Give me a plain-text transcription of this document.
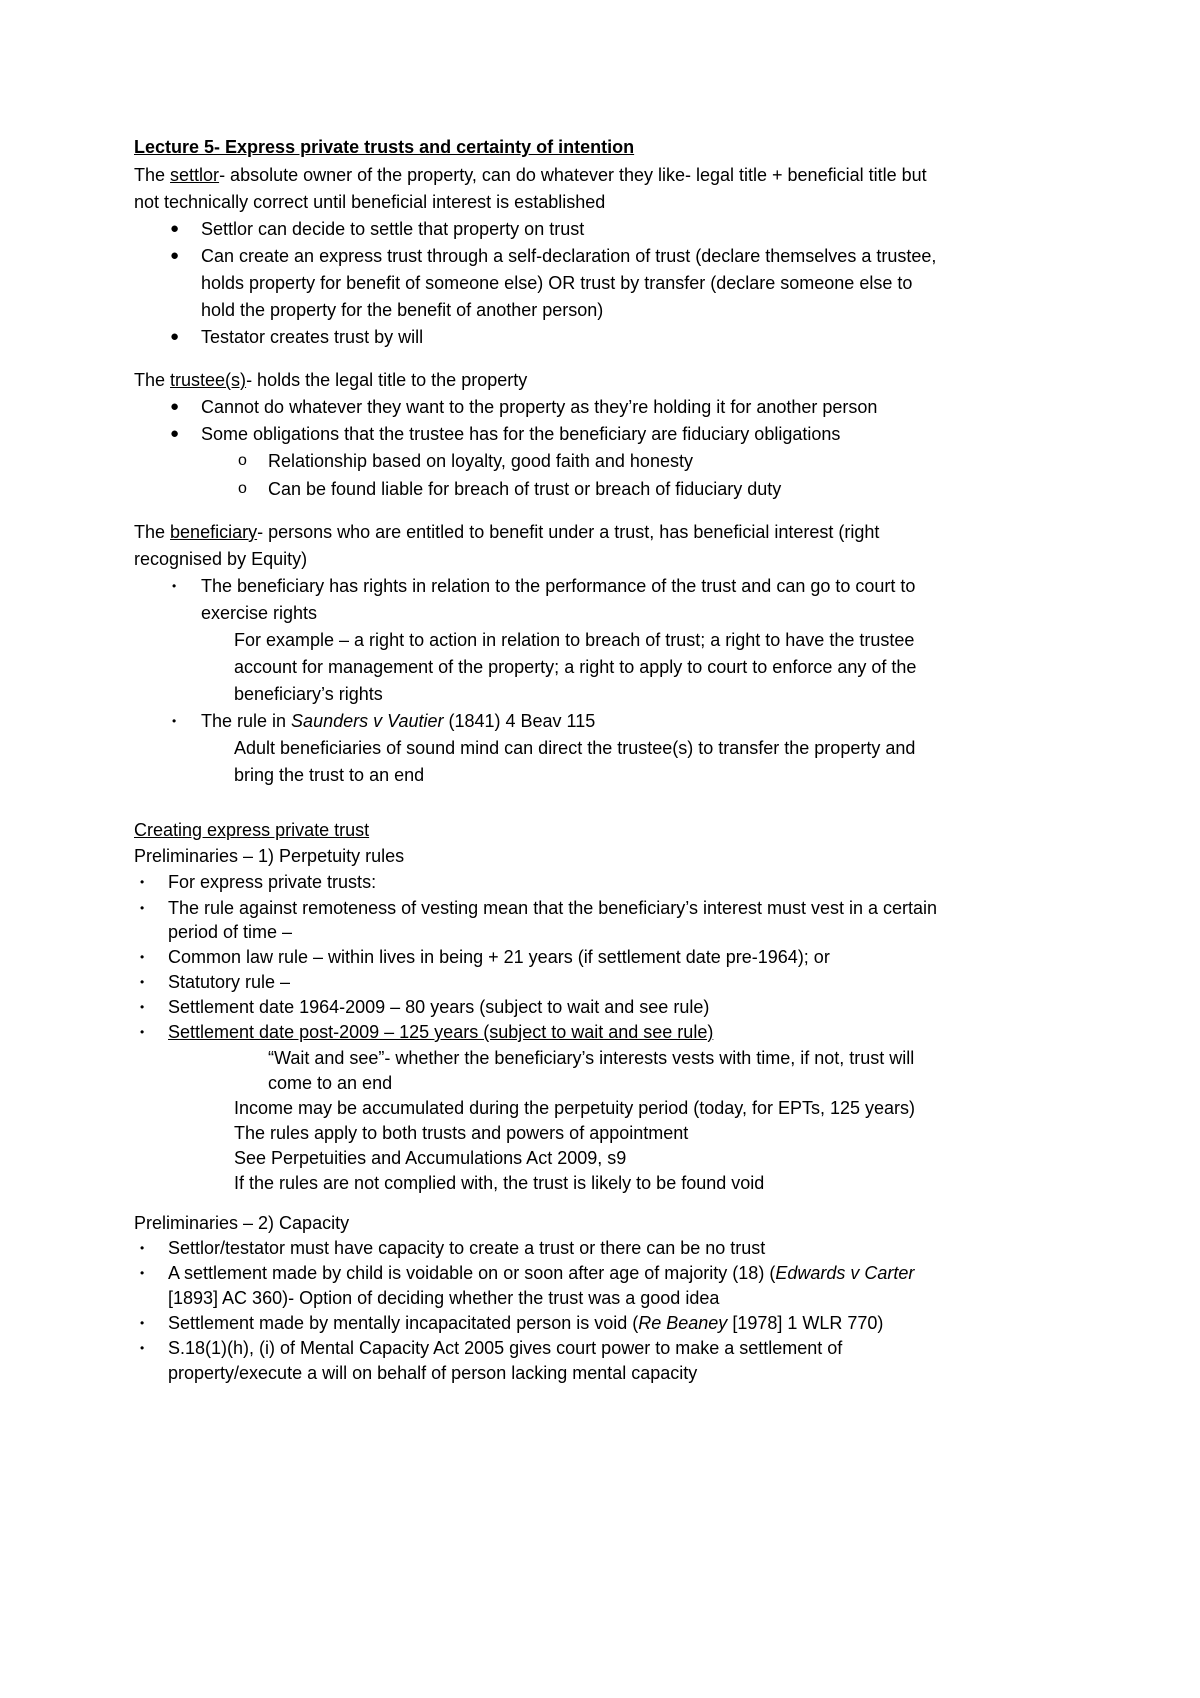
Lecture 5- Express private trusts and certainty of intention
The settlor- absolute owner of the property, can do whatever they like- legal title + beneficial title but
not technically correct until beneficial interest is established
● Settlor can decide to settle that property on trust
● Can create an express trust through a self-declaration of trust (declare themselves a trustee,
holds property for benefit of someone else) OR trust by transfer (declare someone else to
hold the property for the benefit of another person)
● Testator creates trust by will
The trustee(s)- holds the legal title to the property
● Cannot do whatever they want to the property as they’re holding it for another person
● Some obligations that the trustee has for the beneficiary are fiduciary obligations
o Relationship based on loyalty, good faith and honesty
o Can be found liable for breach of trust or breach of fiduciary duty
The beneficiary- persons who are entitled to benefit under a trust, has beneficial interest (right
recognised by Equity)
• The beneficiary has rights in relation to the performance of the trust and can go to court to
exercise rights
For example – a right to action in relation to breach of trust; a right to have the trustee
account for management of the property; a right to apply to court to enforce any of the
beneficiary’s rights
• The rule in Saunders v Vautier (1841) 4 Beav 115
Adult beneficiaries of sound mind can direct the trustee(s) to transfer the property and
bring the trust to an end
Creating express private trust
Preliminaries – 1) Perpetuity rules
• For express private trusts:
• The rule against remoteness of vesting mean that the beneficiary’s interest must vest in a certain
period of time –
• Common law rule – within lives in being + 21 years (if settlement date pre-1964); or
• Statutory rule –
• Settlement date 1964-2009 – 80 years (subject to wait and see rule)
• Settlement date post-2009 – 125 years (subject to wait and see rule)
“Wait and see”- whether the beneficiary’s interests vests with time, if not, trust will
come to an end
Income may be accumulated during the perpetuity period (today, for EPTs, 125 years)
The rules apply to both trusts and powers of appointment
See Perpetuities and Accumulations Act 2009, s9
If the rules are not complied with, the trust is likely to be found void
Preliminaries – 2) Capacity
• Settlor/testator must have capacity to create a trust or there can be no trust
• A settlement made by child is voidable on or soon after age of majority (18) (Edwards v Carter
[1893] AC 360)- Option of deciding whether the trust was a good idea
• Settlement made by mentally incapacitated person is void (Re Beaney [1978] 1 WLR 770)
• S.18(1)(h), (i) of Mental Capacity Act 2005 gives court power to make a settlement of
property/execute a will on behalf of person lacking mental capacity
